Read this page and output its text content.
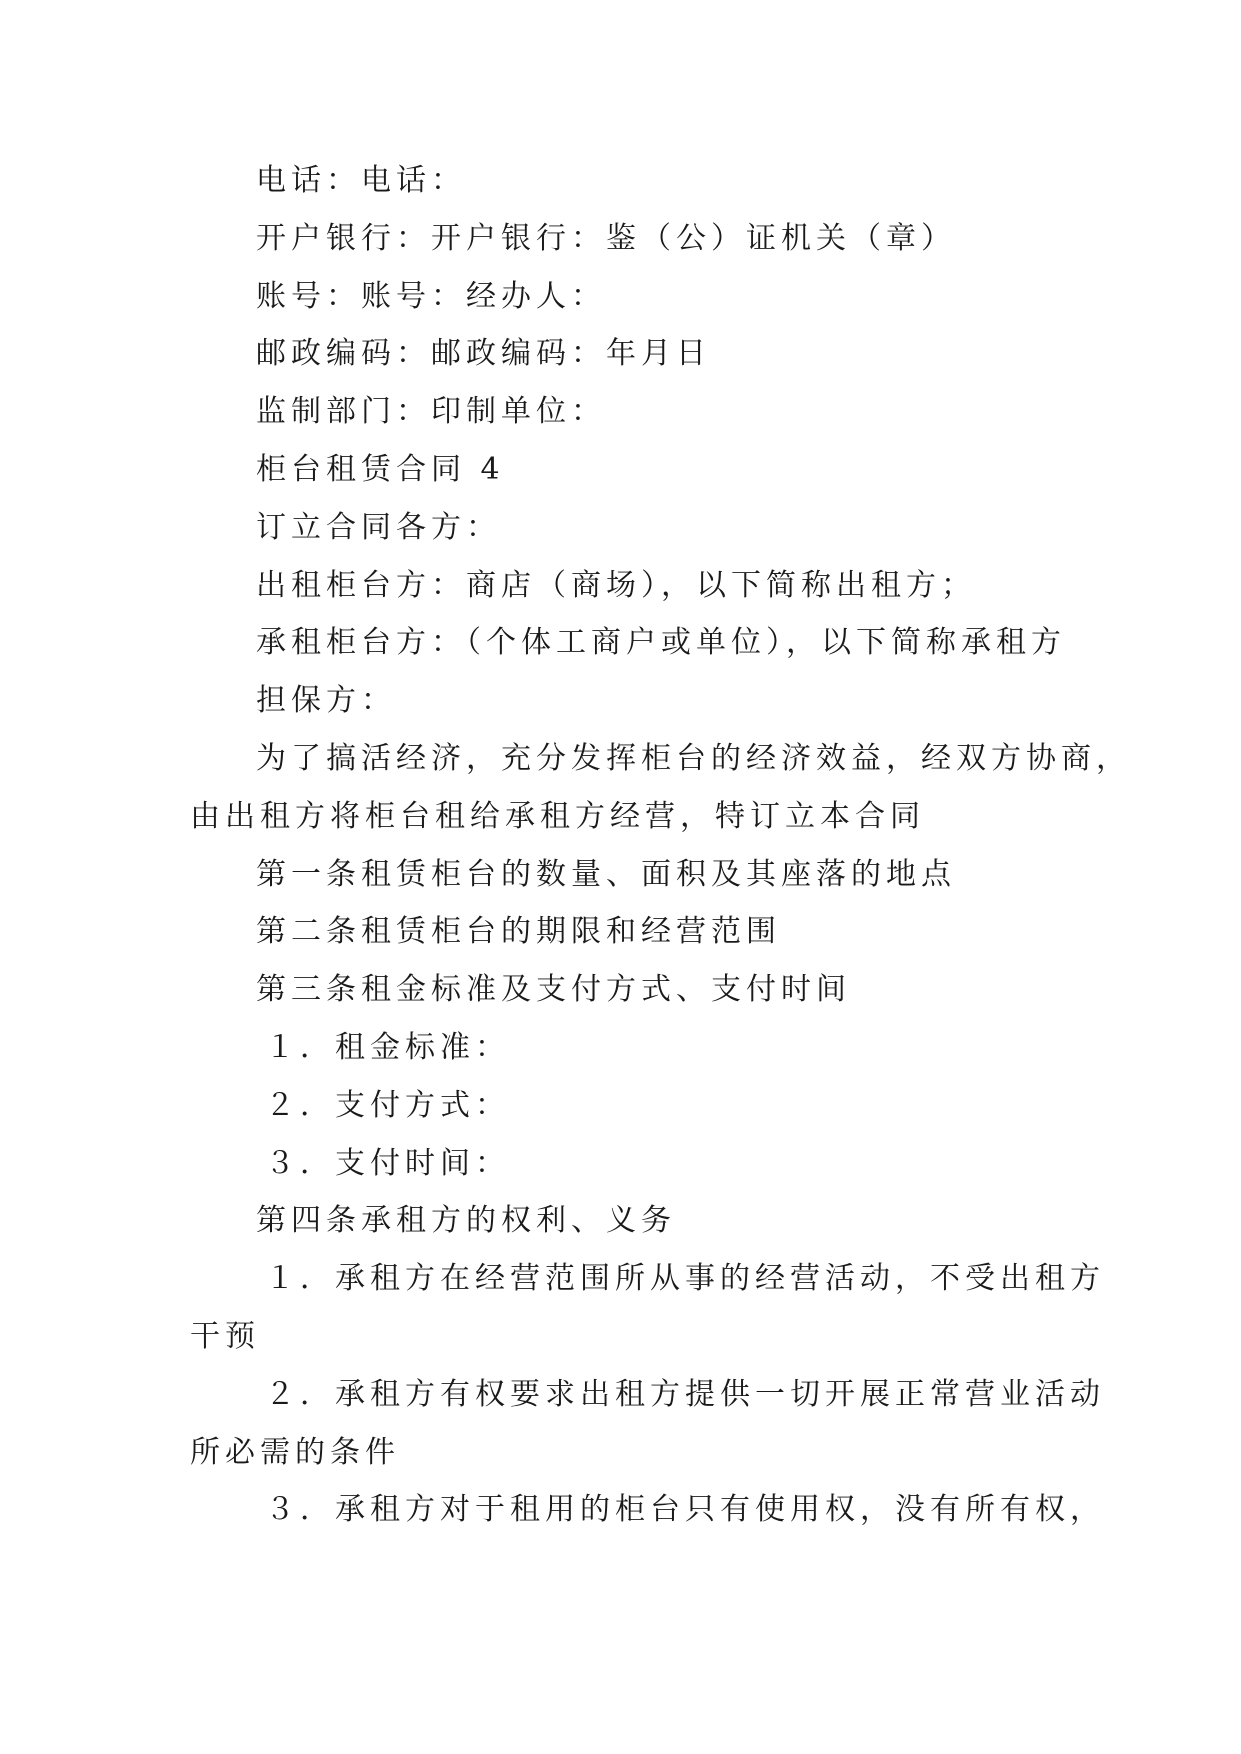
电话：电话：
开户银行：开户银行：鉴（公）证机关（章）
账号：账号：经办人：
邮政编码：邮政编码：年月日
监制部门：印制单位：
柜台租赁合同 4
订立合同各方：
出租柜台方：商店（商场），以下简称出租方；
承租柜台方：（个体工商户或单位），以下简称承租方
担保方：
为了搞活经济，充分发挥柜台的经济效益，经双方协商，
由出租方将柜台租给承租方经营，特订立本合同
第一条租赁柜台的数量、面积及其座落的地点
第二条租赁柜台的期限和经营范围
第三条租金标准及支付方式、支付时间
１．租金标准：
２．支付方式：
３．支付时间：
第四条承租方的权利、义务
１．承租方在经营范围所从事的经营活动，不受出租方
干预
２．承租方有权要求出租方提供一切开展正常营业活动
所必需的条件
３．承租方对于租用的柜台只有使用权，没有所有权，
